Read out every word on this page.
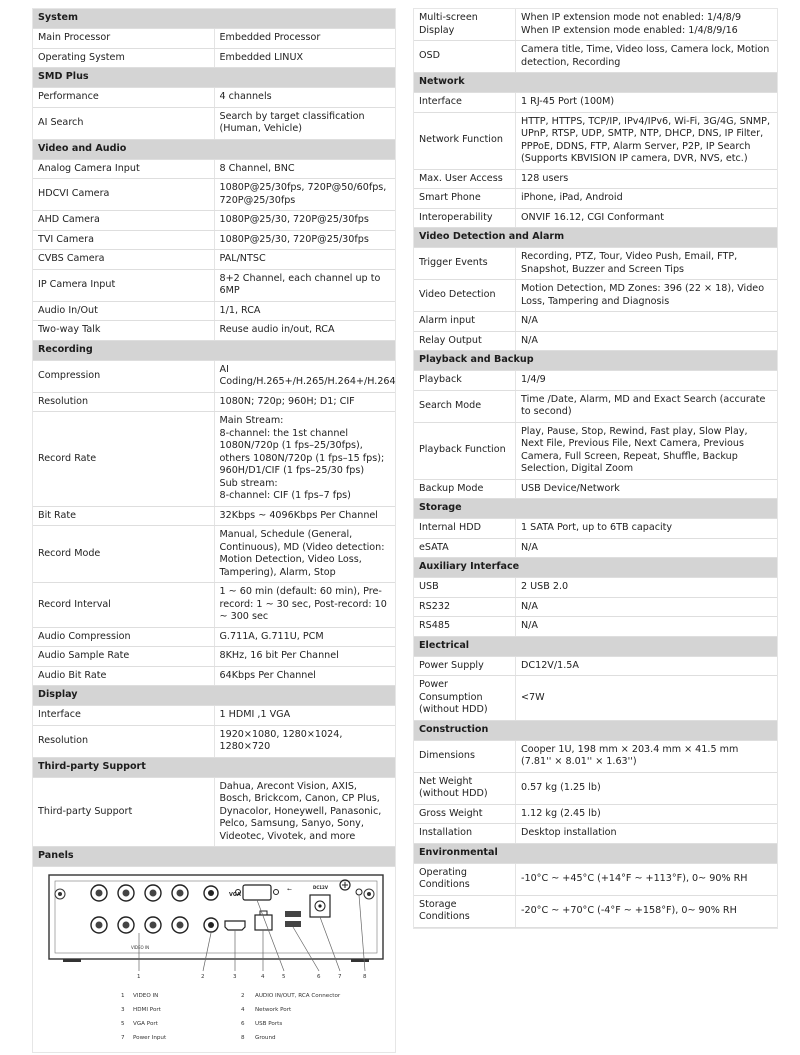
System	
Main Processor	Embedded Processor
Operating System	Embedded LINUX
SMD Plus	
Performance	4 channels
AI Search	Search by target classification (Human, Vehicle)
Video and Audio	
Analog Camera Input	8 Channel, BNC
HDCVI Camera	1080P@25/30fps, 720P@50/60fps, 720P@25/30fps
AHD Camera	1080P@25/30, 720P@25/30fps
TVI Camera	1080P@25/30, 720P@25/30fps
CVBS Camera	PAL/NTSC
IP Camera Input	8+2 Channel, each channel up to 6MP
Audio In/Out	1/1, RCA
Two-way Talk	Reuse audio in/out, RCA
Recording	
Compression	AI Coding/H.265+/H.265/H.264+/H.264
Resolution	1080N; 720p; 960H; D1; CIF
Record Rate	Main Stream:
8-channel: the 1st channel 1080N/720p (1 fps–25/30fps), others 1080N/720p (1 fps–15 fps); 960H/D1/CIF (1 fps–25/30 fps)
Sub stream:
8-channel: CIF (1 fps–7 fps)
Bit Rate	32Kbps ~ 4096Kbps Per Channel
Record Mode	Manual, Schedule (General, Continuous), MD (Video detection: Motion Detection, Video Loss, Tampering), Alarm, Stop
Record Interval	1 ~ 60 min (default: 60 min), Pre-record: 1 ~ 30 sec, Post-record: 10 ~ 300 sec
Audio Compression	G.711A, G.711U, PCM
Audio Sample Rate	8KHz, 16 bit Per Channel
Audio Bit Rate	64Kbps Per Channel
Display	
Interface	1 HDMI ,1 VGA
Resolution	1920×1080, 1280×1024, 1280×720
Third-party Support	
Third-party Support	Dahua, Arecont Vision, AXIS, Bosch, Brickcom, Canon, CP Plus, Dynacolor, Honeywell, Panasonic, Pelco, Samsung, Sanyo, Sony, Videotec, Vivotek, and more
Panels	
VIDEO IN
VGA
⭠	DC12V
1	2	3	4	5	6	7	8
1 VIDEO IN	2 AUDIO IN/OUT, RCA Connector
3 HDMI Port	4 Network Port
5 VGA Port	6 USB Ports
7 Power Input	8 Ground
Multi-screen Display	When IP extension mode not enabled: 1/4/8/9
When IP extension mode enabled: 1/4/8/9/16
OSD	Camera title, Time, Video loss, Camera lock, Motion detection, Recording
Network	
Interface	1 RJ-45 Port (100M)
Network Function	HTTP, HTTPS, TCP/IP, IPv4/IPv6, Wi-Fi, 3G/4G, SNMP, UPnP, RTSP, UDP, SMTP, NTP, DHCP, DNS, IP Filter, PPPoE, DDNS, FTP, Alarm Server, P2P, IP Search (Supports KBVISION IP camera, DVR, NVS, etc.)
Max. User Access	128 users
Smart Phone	iPhone, iPad, Android
Interoperability	ONVIF 16.12, CGI Conformant
Video Detection and Alarm	
Trigger Events	Recording, PTZ, Tour, Video Push, Email, FTP, Snapshot, Buzzer and Screen Tips
Video Detection	Motion Detection, MD Zones: 396 (22 × 18), Video Loss, Tampering and Diagnosis
Alarm input	N/A
Relay Output	N/A
Playback and Backup	
Playback	1/4/9
Search Mode	Time /Date, Alarm, MD and Exact Search (accurate to second)
Playback Function	Play, Pause, Stop, Rewind, Fast play, Slow Play, Next File, Previous File, Next Camera, Previous Camera, Full Screen, Repeat, Shuffle, Backup Selection, Digital Zoom
Backup Mode	USB Device/Network
Storage	
Internal HDD	1 SATA Port, up to 6TB capacity
eSATA	N/A
Auxiliary Interface	
USB	2 USB 2.0
RS232	N/A
RS485	N/A
Electrical	
Power Supply	DC12V/1.5A
Power Consumption
(without HDD)	<7W
Construction	
Dimensions	Cooper 1U, 198 mm × 203.4 mm × 41.5 mm
(7.81'' × 8.01'' × 1.63'')
Net Weight
(without HDD)	0.57 kg (1.25 lb)
Gross Weight	1.12 kg (2.45 lb)
Installation	Desktop installation
Environmental	
Operating Conditions	-10°C ~ +45°C (+14°F ~ +113°F), 0~ 90% RH
Storage Conditions	-20°C ~ +70°C (-4°F ~ +158°F), 0~ 90% RH
